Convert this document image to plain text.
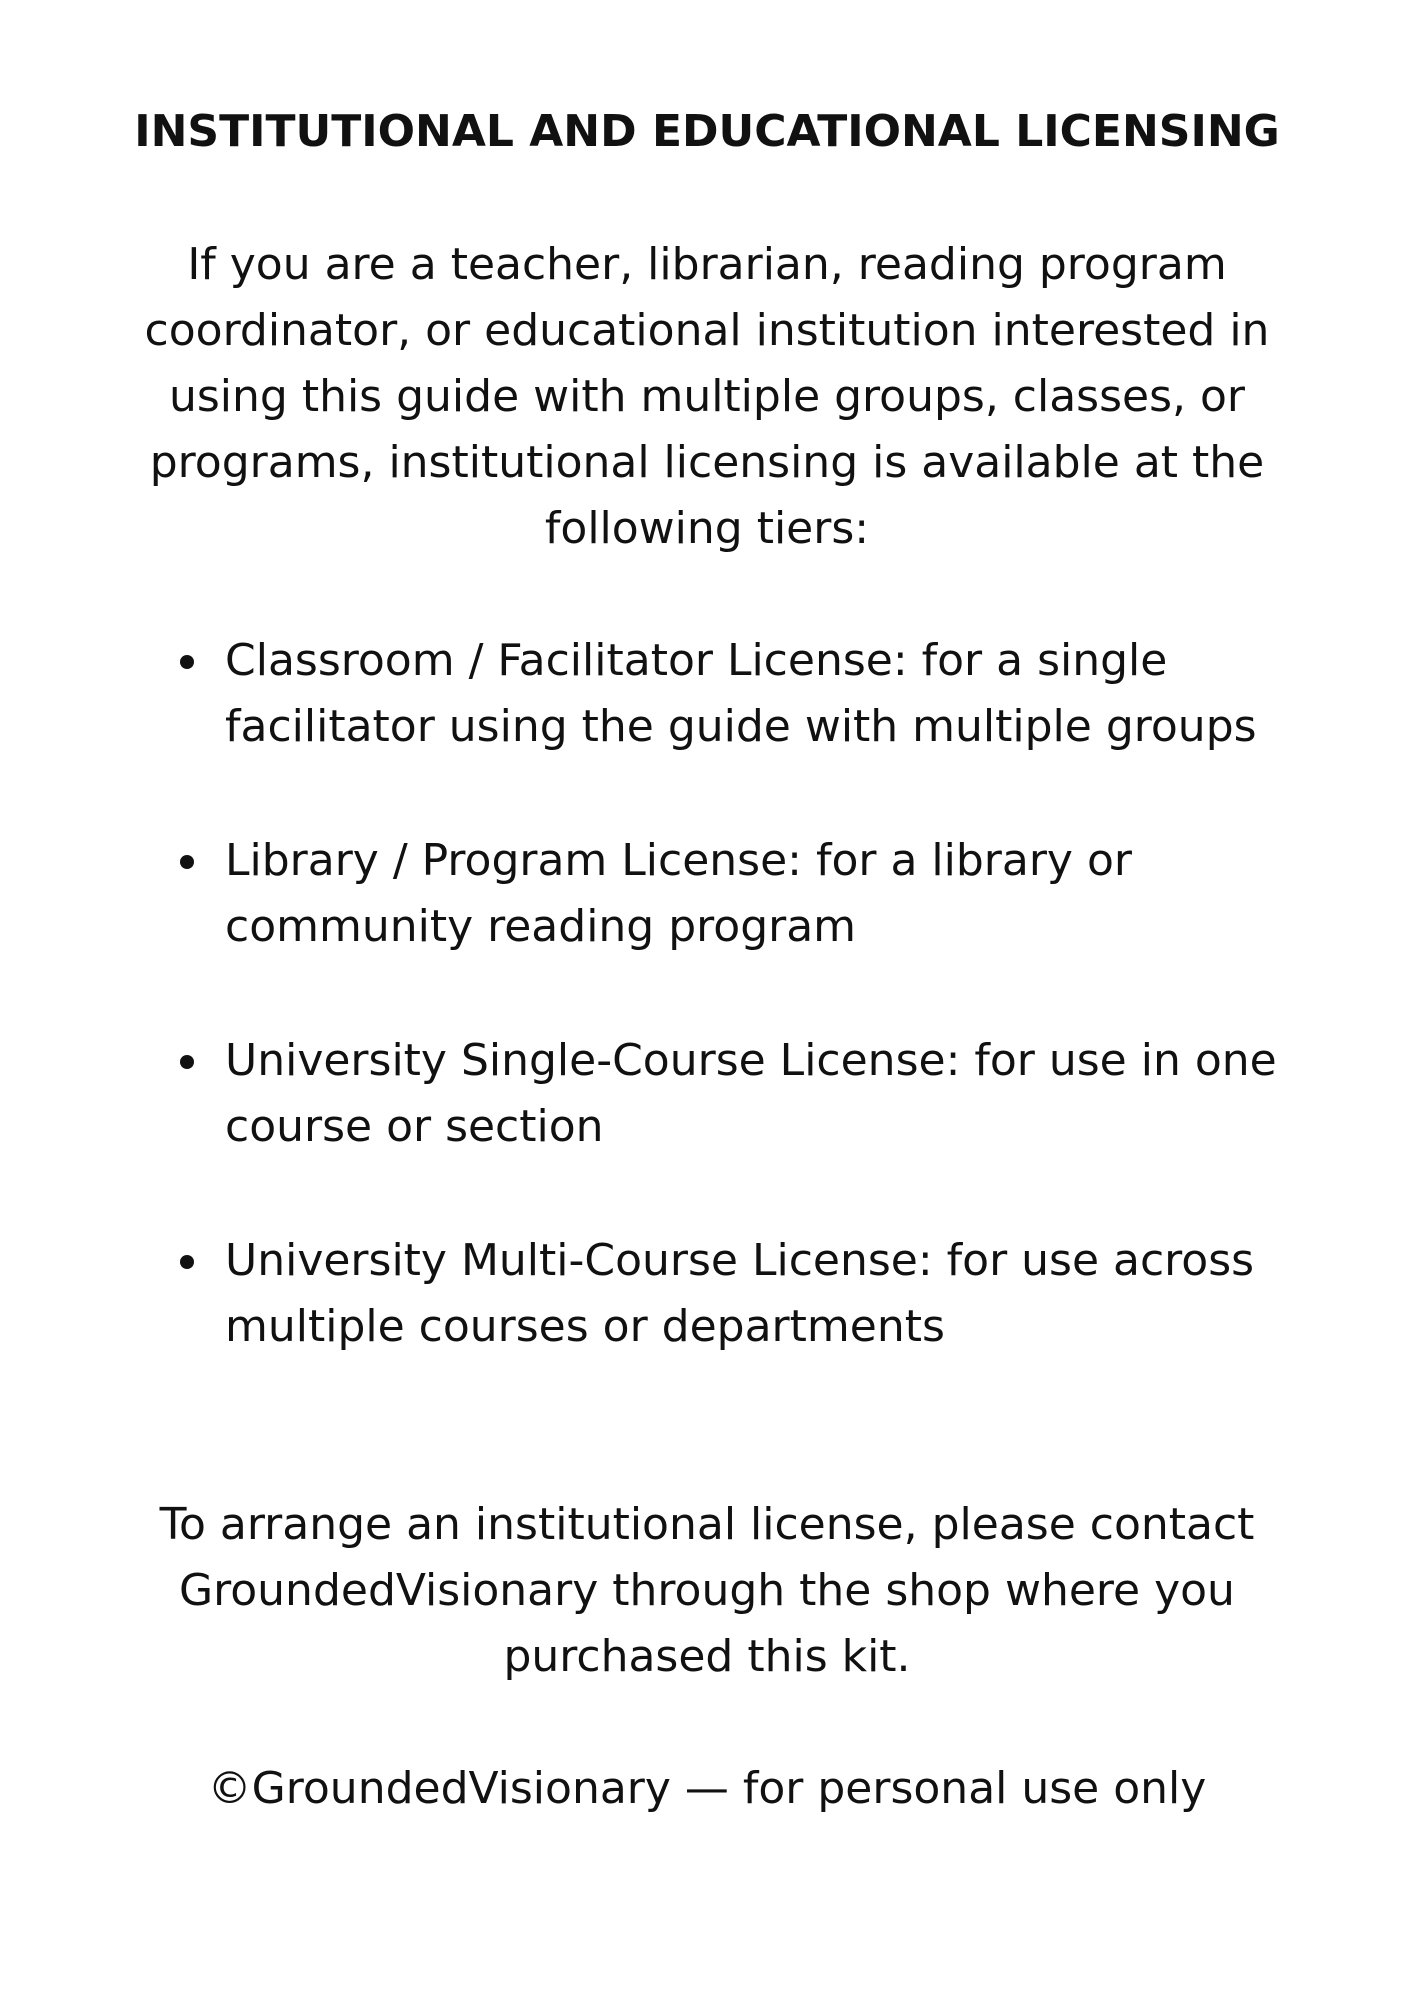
INSTITUTIONAL AND EDUCATIONAL LICENSING

If you are a teacher, librarian, reading program coordinator, or educational institution interested in using this guide with multiple groups, classes, or programs, institutional licensing is available at the following tiers:

Classroom / Facilitator License: for a single facilitator using the guide with multiple groups
Library / Program License: for a library or community reading program
University Single-Course License: for use in one course or section
University Multi-Course License: for use across multiple courses or departments

To arrange an institutional license, please contact GroundedVisionary through the shop where you purchased this kit.

©GroundedVisionary — for personal use only
